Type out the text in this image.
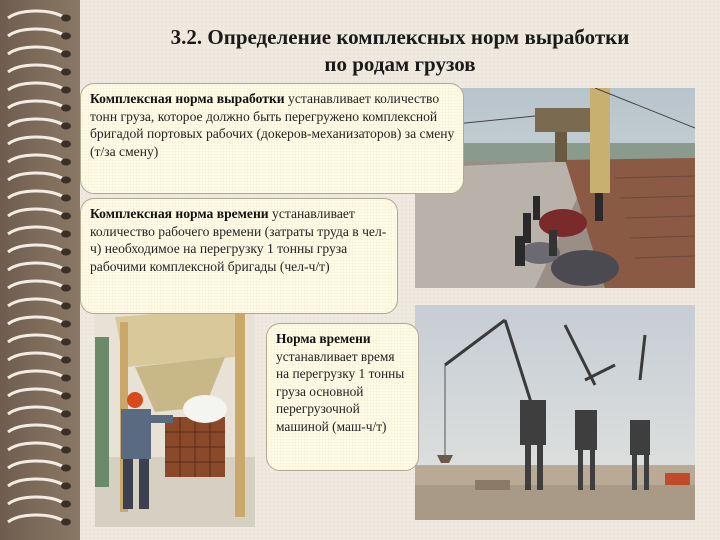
3.2. Определение комплексных норм выработки
по родам грузов
Комплексная норма выработки устанавливает количество тонн груза, которое должно быть перегружено комплексной бригадой портовых рабочих (докеров-механизаторов) за смену (т/за смену)
Комплексная норма времени устанавливает количество рабочего времени (затраты труда в чел-ч) необходимое на перегрузку 1 тонны груза рабочими комплексной бригады (чел-ч/т)
Норма времени устанавливает время на перегрузку 1 тонны груза основной перегрузочной машиной (маш-ч/т)
